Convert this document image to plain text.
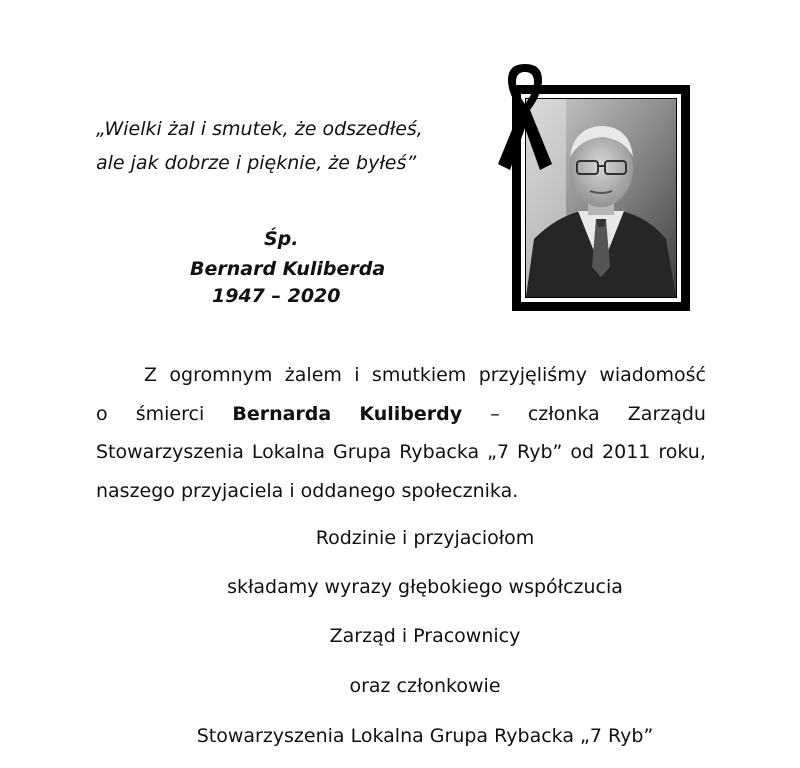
„Wielki żal i smutek, że odszedłeś,
ale jak dobrze i pięknie, że byłeś”
Śp.
Bernard Kuliberda
1947 – 2020
Z ogromnym żalem i smutkiem przyjęliśmy wiadomość
o śmierci Bernarda Kuliberdy – członka Zarządu
Stowarzyszenia Lokalna Grupa Rybacka „7 Ryb” od 2011 roku,
naszego przyjaciela i oddanego społecznika.
Rodzinie i przyjaciołom
składamy wyrazy głębokiego współczucia
Zarząd i Pracownicy
oraz członkowie
Stowarzyszenia Lokalna Grupa Rybacka „7 Ryb”
